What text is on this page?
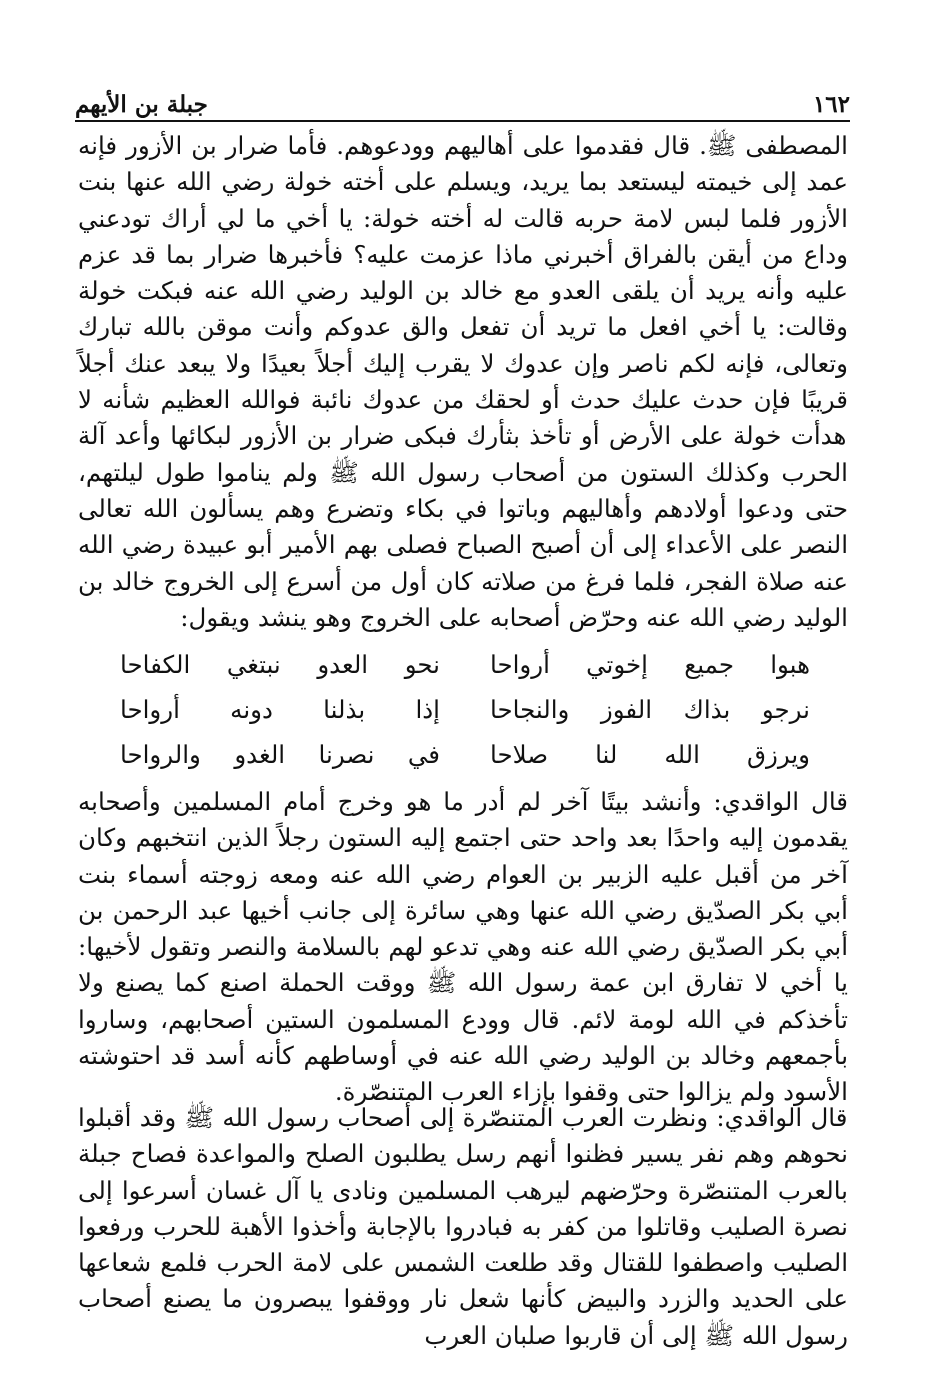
جبلة بن الأيهم	١٦٢
المصطفى ﷺ. قال فقدموا على أهاليهم وودعوهم. فأما ضرار بن الأزور فإنه عمد إلى خيمته ليستعد بما يريد، ويسلم على أخته خولة رضي الله عنها بنت الأزور فلما لبس لامة حربه قالت له أخته خولة: يا أخي ما لي أراك تودعني وداع من أيقن بالفراق أخبرني ماذا عزمت عليه؟ فأخبرها ضرار بما قد عزم عليه وأنه يريد أن يلقى العدو مع خالد بن الوليد رضي الله عنه فبكت خولة وقالت: يا أخي افعل ما تريد أن تفعل والق عدوكم وأنت موقن بالله تبارك وتعالى، فإنه لكم ناصر وإن عدوك لا يقرب إليك أجلاً بعيدًا ولا يبعد عنك أجلاً قريبًا فإن حدث عليك حدث أو لحقك من عدوك نائبة فوالله العظيم شأنه لا هدأت خولة على الأرض أو تأخذ بثأرك فبكى ضرار بن الأزور لبكائها وأعد آلة الحرب وكذلك الستون من أصحاب رسول الله ﷺ ولم يناموا طول ليلتهم، حتى ودعوا أولادهم وأهاليهم وباتوا في بكاء وتضرع وهم يسألون الله تعالى النصر على الأعداء إلى أن أصبح الصباح فصلى بهم الأمير أبو عبيدة رضي الله عنه صلاة الفجر، فلما فرغ من صلاته كان أول من أسرع إلى الخروج خالد بن الوليد رضي الله عنه وحرّض أصحابه على الخروج وهو ينشد ويقول:
هبوا جميع إخوتي أرواحا
نحو العدو نبتغي الكفاحا
نرجو بذاك الفوز والنجاحا
إذا بذلنا دونه أرواحا
ويرزق الله لنا صلاحا
في نصرنا الغدو والرواحا
قال الواقدي: وأنشد بيتًا آخر لم أدر ما هو وخرج أمام المسلمين وأصحابه يقدمون إليه واحدًا بعد واحد حتى اجتمع إليه الستون رجلاً الذين انتخبهم وكان آخر من أقبل عليه الزبير بن العوام رضي الله عنه ومعه زوجته أسماء بنت أبي بكر الصدّيق رضي الله عنها وهي سائرة إلى جانب أخيها عبد الرحمن بن أبي بكر الصدّيق رضي الله عنه وهي تدعو لهم بالسلامة والنصر وتقول لأخيها: يا أخي لا تفارق ابن عمة رسول الله ﷺ ووقت الحملة اصنع كما يصنع ولا تأخذكم في الله لومة لائم. قال وودع المسلمون الستين أصحابهم، وساروا بأجمعهم وخالد بن الوليد رضي الله عنه في أوساطهم كأنه أسد قد احتوشته الأسود ولم يزالوا حتى وقفوا بإزاء العرب المتنصّرة.
قال الواقدي: ونظرت العرب المتنصّرة إلى أصحاب رسول الله ﷺ وقد أقبلوا نحوهم وهم نفر يسير فظنوا أنهم رسل يطلبون الصلح والمواعدة فصاح جبلة بالعرب المتنصّرة وحرّضهم ليرهب المسلمين ونادى يا آل غسان أسرعوا إلى نصرة الصليب وقاتلوا من كفر به فبادروا بالإجابة وأخذوا الأهبة للحرب ورفعوا الصليب واصطفوا للقتال وقد طلعت الشمس على لامة الحرب فلمع شعاعها على الحديد والزرد والبيض كأنها شعل نار ووقفوا يبصرون ما يصنع أصحاب رسول الله ﷺ إلى أن قاربوا صلبان العرب
